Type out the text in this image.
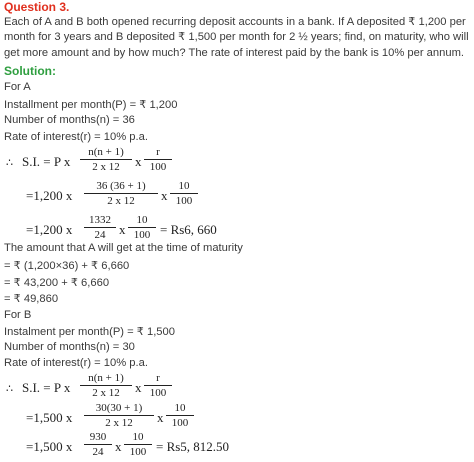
Question 3.
Each of A and B both opened recurring deposit accounts in a bank. If A deposited ₹ 1,200 per month for 3 years and B deposited ₹ 1,500 per month for 2 ½ years; find, on maturity, who will get more amount and by how much? The rate of interest paid by the bank is 10% per annum.
Solution:
For A
Installment per month(P) = ₹ 1,200
Number of months(n) = 36
Rate of interest(r) = 10% p.a.
∴ S.I. = P x
n(n + 1)
2 x 12	x
r
100
=1,200 x
36 (36 + 1)
2 x 12	x
10
100
=1,200 x
1332
24	x
10
100 = Rs6, 660
The amount that A will get at the time of maturity
= ₹ (1,200×36) + ₹ 6,660
= ₹ 43,200 + ₹ 6,660
= ₹ 49,860
For B
Instalment per month(P) = ₹ 1,500
Number of months(n) = 30
Rate of interest(r) = 10% p.a.
∴ S.I. = P x
n(n + 1)
2 x 12	x
r
100
=1,500 x
30(30 + 1)
2 x 12	x
10
100
=1,500 x
930
24 x
10
100 = Rs5, 812.50
